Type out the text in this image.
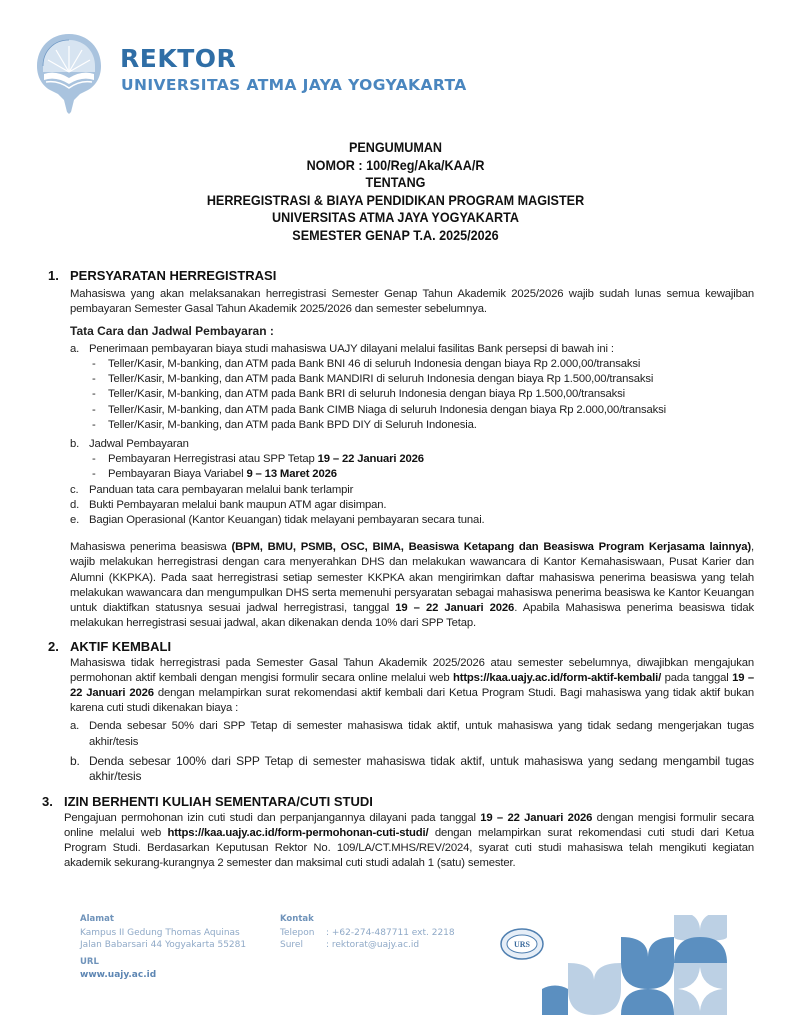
REKTOR
UNIVERSITAS ATMA JAYA YOGYAKARTA
PENGUMUMAN
NOMOR : 100/Reg/Aka/KAA/R
TENTANG
HERREGISTRASI & BIAYA PENDIDIKAN PROGRAM MAGISTER
UNIVERSITAS ATMA JAYA YOGYAKARTA
SEMESTER GENAP T.A. 2025/2026
1. PERSYARATAN HERREGISTRASI
Mahasiswa yang akan melaksanakan herregistrasi Semester Genap Tahun Akademik 2025/2026 wajib sudah lunas semua kewajiban pembayaran Semester Gasal Tahun Akademik 2025/2026 dan semester sebelumnya.
Tata Cara dan Jadwal Pembayaran :
a. Penerimaan pembayaran biaya studi mahasiswa UAJY dilayani melalui fasilitas Bank persepsi di bawah ini :
-	Teller/Kasir, M-banking, dan ATM pada Bank BNI 46 di seluruh Indonesia dengan biaya Rp 2.000,00/transaksi
-	Teller/Kasir, M-banking, dan ATM pada Bank MANDIRI di seluruh Indonesia dengan biaya Rp 1.500,00/transaksi
-	Teller/Kasir, M-banking, dan ATM pada Bank BRI di seluruh Indonesia dengan biaya Rp 1.500,00/transaksi
-	Teller/Kasir, M-banking, dan ATM pada Bank CIMB Niaga di seluruh Indonesia dengan biaya Rp 2.000,00/transaksi
-	Teller/Kasir, M-banking, dan ATM pada Bank BPD DIY di Seluruh Indonesia.
b. Jadwal Pembayaran
-	Pembayaran Herregistrasi atau SPP Tetap 19 – 22 Januari 2026
-	Pembayaran Biaya Variabel 9 – 13 Maret 2026
c. Panduan tata cara pembayaran melalui bank terlampir
d. Bukti Pembayaran melalui bank maupun ATM agar disimpan.
e. Bagian Operasional (Kantor Keuangan) tidak melayani pembayaran secara tunai.
Mahasiswa penerima beasiswa (BPM, BMU, PSMB, OSC, BIMA, Beasiswa Ketapang dan Beasiswa Program Kerjasama lainnya), wajib melakukan herregistrasi dengan cara menyerahkan DHS dan melakukan wawancara di Kantor Kemahasiswaan, Pusat Karier dan Alumni (KKPKA). Pada saat herregistrasi setiap semester KKPKA akan mengirimkan daftar mahasiswa penerima beasiswa yang telah melakukan wawancara dan mengumpulkan DHS serta memenuhi persyaratan sebagai mahasiswa penerima beasiswa ke Kantor Keuangan untuk diaktifkan statusnya sesuai jadwal herregistrasi, tanggal 19 – 22 Januari 2026. Apabila Mahasiswa penerima beasiswa tidak melakukan herregistrasi sesuai jadwal, akan dikenakan denda 10% dari SPP Tetap.
2. AKTIF KEMBALI
Mahasiswa tidak herregistrasi pada Semester Gasal Tahun Akademik 2025/2026 atau semester sebelumnya, diwajibkan mengajukan permohonan aktif kembali dengan mengisi formulir secara online melalui web https://kaa.uajy.ac.id/form-aktif-kembali/ pada tanggal 19 – 22 Januari 2026 dengan melampirkan surat rekomendasi aktif kembali dari Ketua Program Studi. Bagi mahasiswa yang tidak aktif bukan karena cuti studi dikenakan biaya :
a. Denda sebesar 50% dari SPP Tetap di semester mahasiswa tidak aktif, untuk mahasiswa yang tidak sedang mengerjakan tugas akhir/tesis
b. Denda sebesar 100% dari SPP Tetap di semester mahasiswa tidak aktif, untuk mahasiswa yang sedang mengambil tugas akhir/tesis
3. IZIN BERHENTI KULIAH SEMENTARA/CUTI STUDI
Pengajuan permohonan izin cuti studi dan perpanjangannya dilayani pada tanggal 19 – 22 Januari 2026 dengan mengisi formulir secara online melalui web https://kaa.uajy.ac.id/form-permohonan-cuti-studi/ dengan melampirkan surat rekomendasi cuti studi dari Ketua Program Studi. Berdasarkan Keputusan Rektor No. 109/LA/CT.MHS/REV/2024, syarat cuti studi mahasiswa telah mengikuti kegiatan akademik sekurang-kurangnya 2 semester dan maksimal cuti studi adalah 1 (satu) semester.
Alamat
Kampus II Gedung Thomas Aquinas
Jalan Babarsari 44 Yogyakarta 55281
URL
www.uajy.ac.id
Kontak
Telepon	: +62-274-487711 ext. 2218
Surel	: rektorat@uajy.ac.id	URS
